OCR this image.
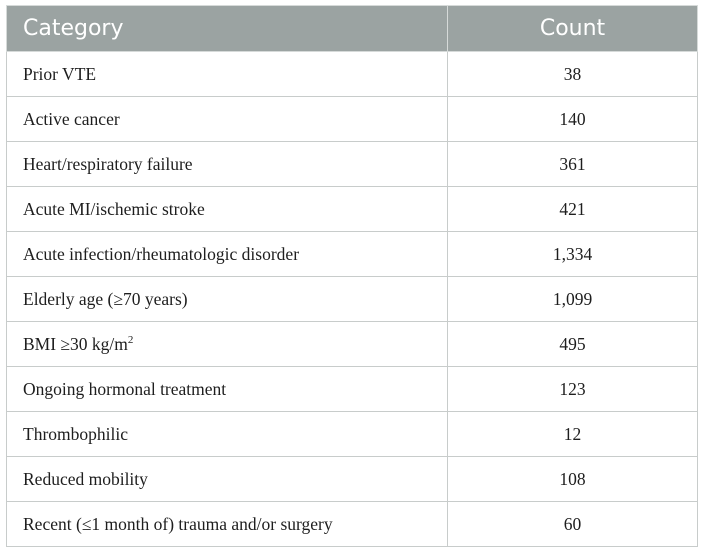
Category	Count
Prior VTE	38
Active cancer	140
Heart/respiratory failure	361
Acute MI/ischemic stroke	421
Acute infection/rheumatologic disorder	1,334
Elderly age (≥70 years)	1,099
BMI ≥30 $kg/m^2$	495
Ongoing hormonal treatment	123
Thrombophilic	12
Reduced mobility	108
Recent (≤1 month of) trauma and/or surgery	60
